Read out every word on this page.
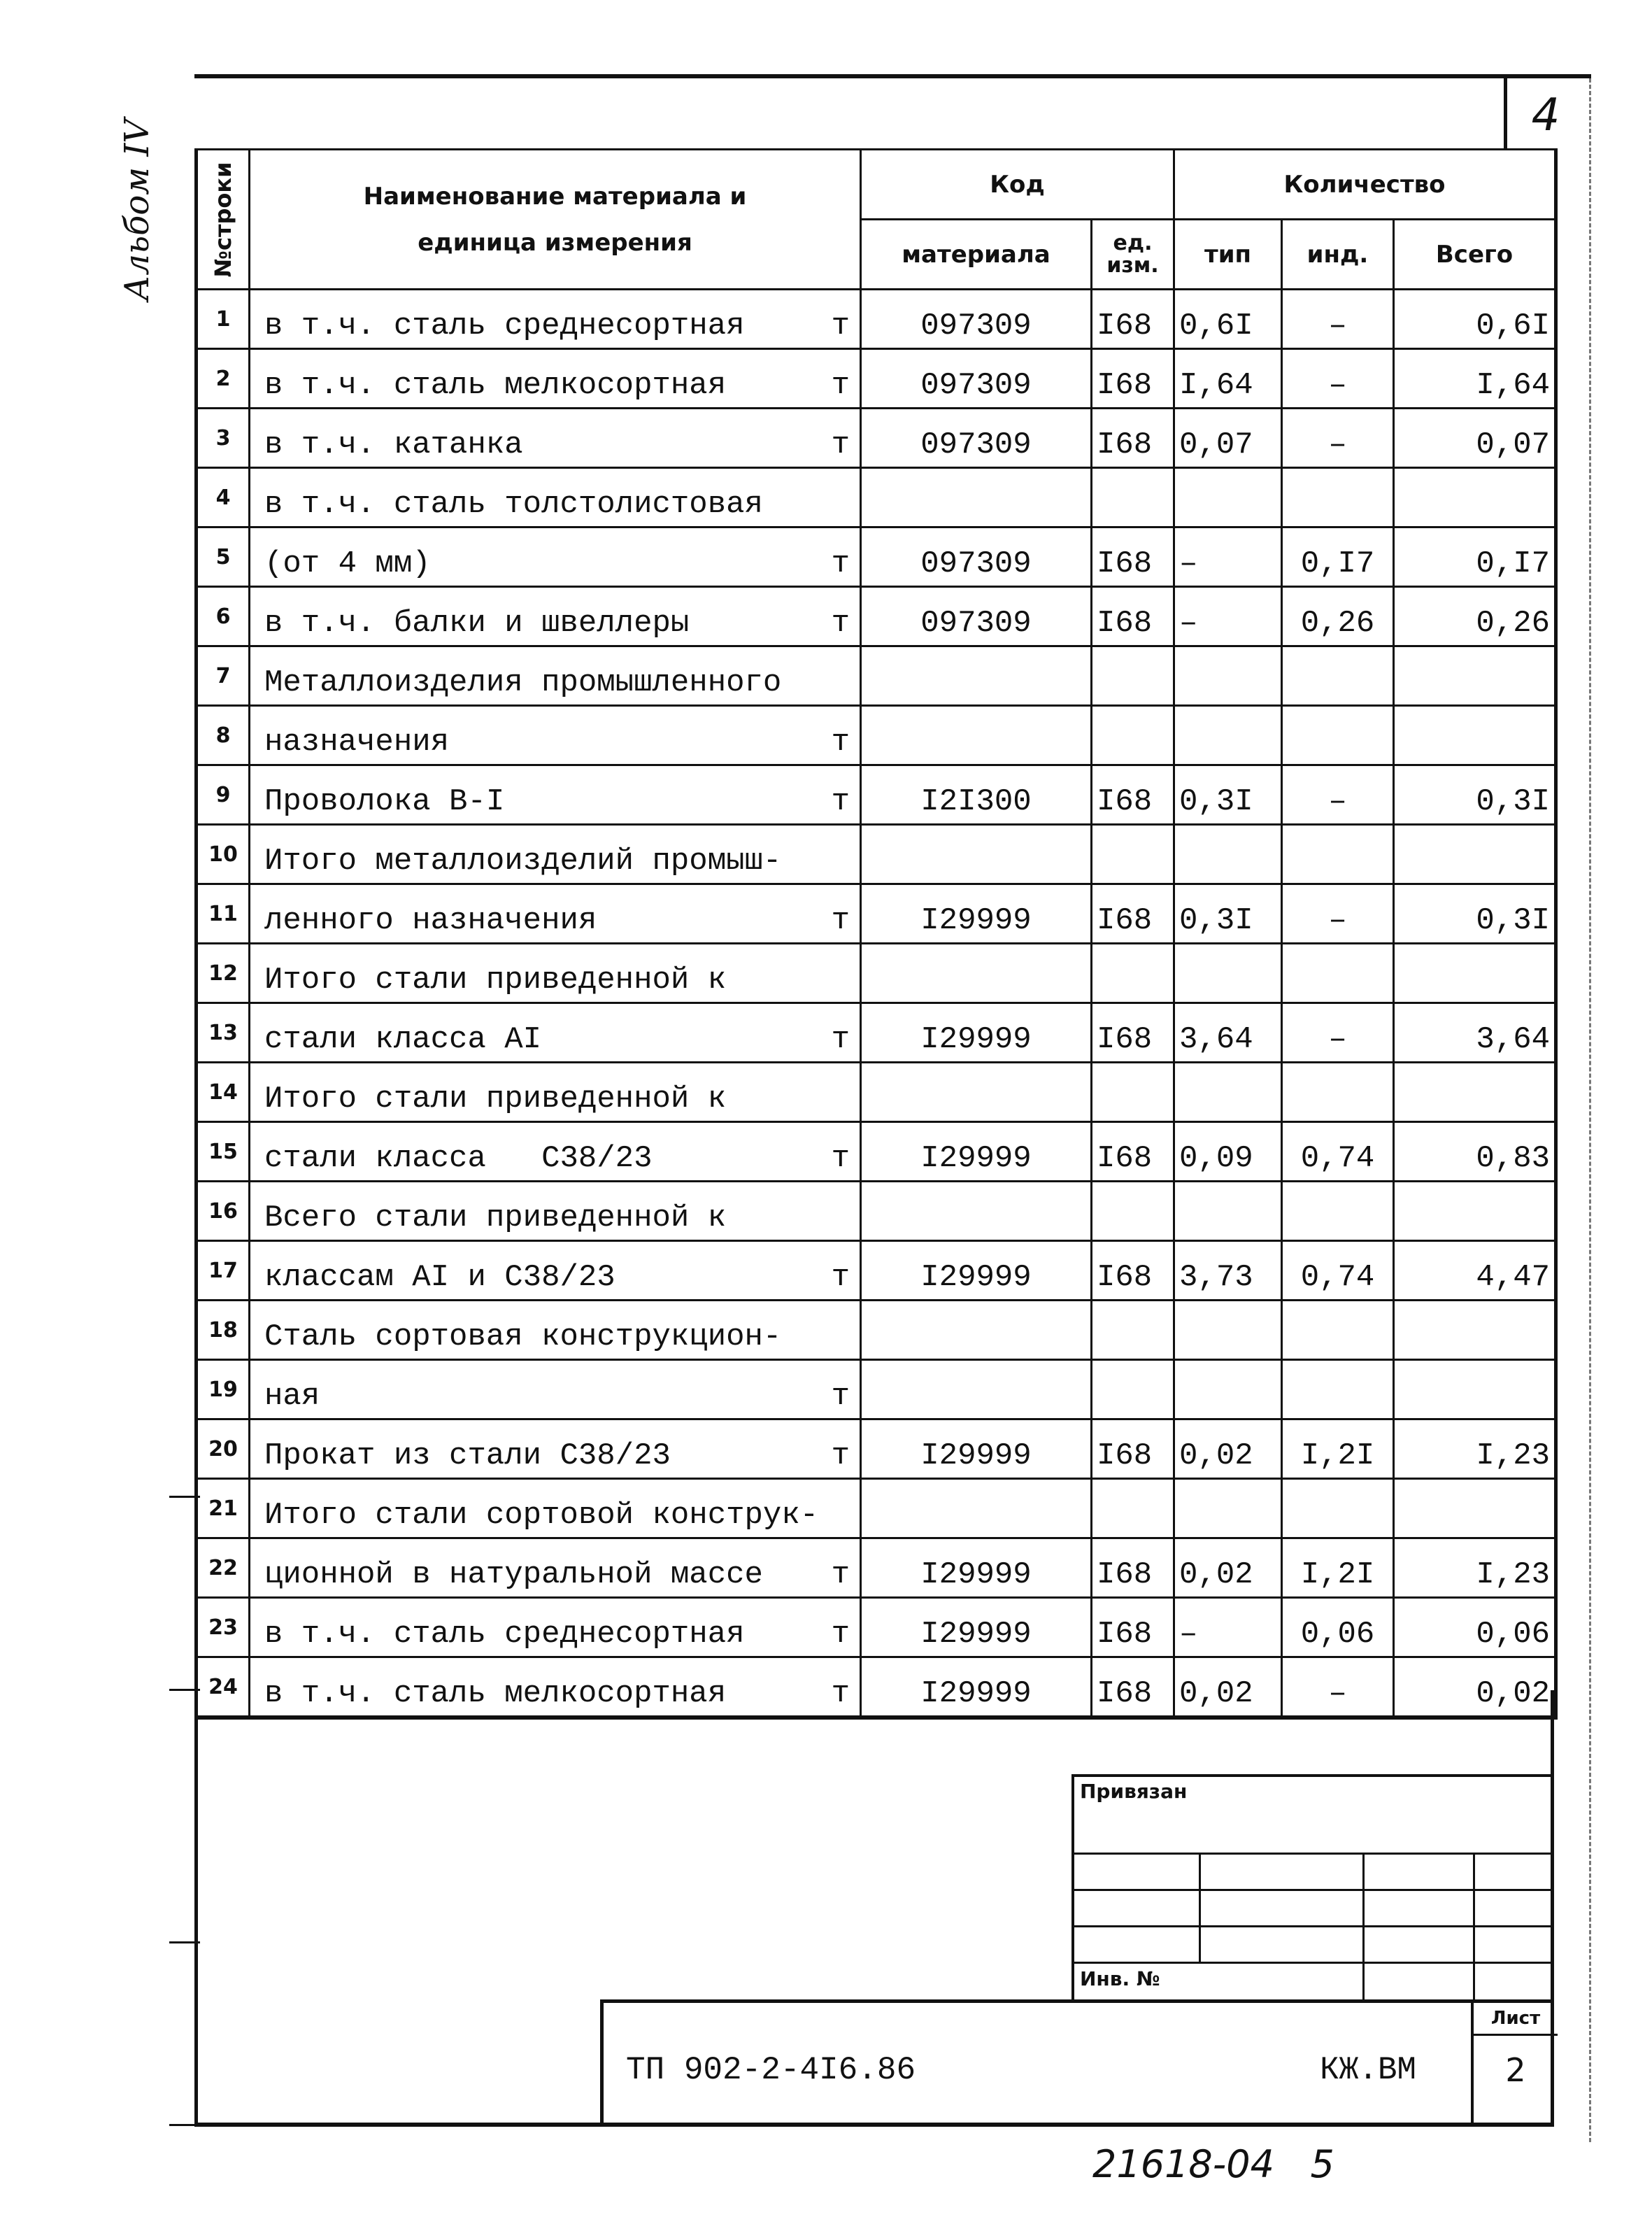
4
Альбом IV №строки	Наименование материала и единица измерения	Код		Количество		
		материала	ед. изм.	тип	инд.	Всего
1	в т.ч. сталь среднесортная т	097309	I68	0,6I	–	0,6I
2	в т.ч. сталь мелкосортная т	097309	I68	I,64	–	I,64
3	в т.ч. катанка т	097309	I68	0,07	–	0,07
4	в т.ч. сталь толстолистовая

5	(от 4 мм) т	097309	I68	–	0,I7	0,I7
6	в т.ч. балки и швеллеры т	097309	I68	–	0,26	0,26
7	Металлоизделия промышленного

8	назначения т					

9	Проволока В-I т	I2I300	I68	0,3I	–	0,3I
10	Итого металлоизделий промыш-

11	ленного назначения т	I29999	I68	0,3I	–	0,3I
12	Итого стали приведенной к

13	стали класса AI т	I29999	I68	3,64	–	3,64
14	Итого стали приведенной к

15	стали класса   С38/23 т	I29999	I68	0,09	0,74	0,83
16	Всего стали приведенной к

17	классам AI и С38/23 т	I29999	I68	3,73	0,74	4,47
18	Сталь сортовая конструкцион-

19	ная т					

20	Прокат из стали С38/23 т	I29999	I68	0,02	I,2I	I,23
21	Итого стали сортовой конструк-

22	ционной в натуральной массе т	I29999	I68	0,02	I,2I	I,23
23	в т.ч. сталь среднесортная т	I29999	I68	–	0,06	0,06
24	в т.ч. сталь мелкосортная т	I29999	I68	0,02	–	0,02
Привязан
Инв. №
ТП 902-2-4I6.86	КЖ.ВМ
Лист
2
21618-04   5
